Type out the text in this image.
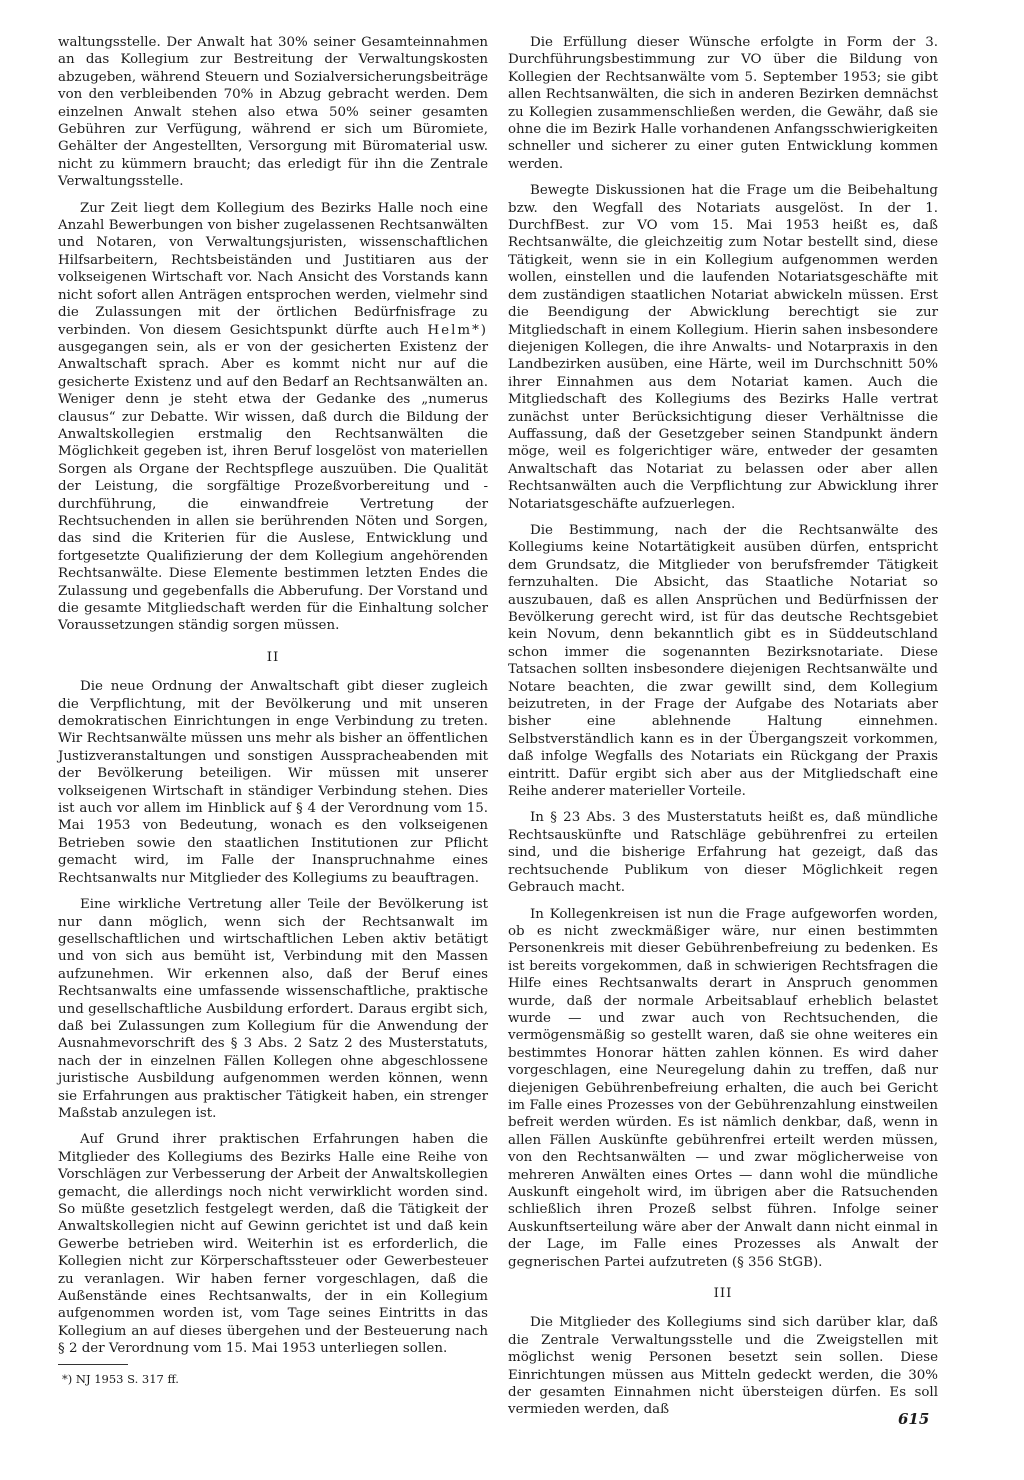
waltungsstelle. Der Anwalt hat 30% seiner Gesamteinnahmen an das Kollegium zur Bestreitung der Verwaltungskosten abzugeben, während Steuern und Sozialversicherungsbeiträge von den verbleibenden 70% in Abzug gebracht werden. Dem einzelnen Anwalt stehen also etwa 50% seiner gesamten Gebühren zur Verfügung, während er sich um Büromiete, Gehälter der Angestellten, Versorgung mit Büromaterial usw. nicht zu kümmern braucht; das erledigt für ihn die Zentrale Verwaltungsstelle.

Zur Zeit liegt dem Kollegium des Bezirks Halle noch eine Anzahl Bewerbungen von bisher zugelassenen Rechtsanwälten und Notaren, von Verwaltungsjuristen, wissenschaftlichen Hilfsarbeitern, Rechtsbeiständen und Justitiaren aus der volkseigenen Wirtschaft vor. Nach Ansicht des Vorstands kann nicht sofort allen Anträgen entsprochen werden, vielmehr sind die Zulassungen mit der örtlichen Bedürfnisfrage zu verbinden. Von diesem Gesichtspunkt dürfte auch Helm*) ausgegangen sein, als er von der gesicherten Existenz der Anwaltschaft sprach. Aber es kommt nicht nur auf die gesicherte Existenz und auf den Bedarf an Rechtsanwälten an. Weniger denn je steht etwa der Gedanke des „numerus clausus“ zur Debatte. Wir wissen, daß durch die Bildung der Anwaltskollegien erstmalig den Rechtsanwälten die Möglichkeit gegeben ist, ihren Beruf losgelöst von materiellen Sorgen als Organe der Rechtspflege auszuüben. Die Qualität der Leistung, die sorgfältige Prozeßvorbereitung und -durchführung, die einwandfreie Vertretung der Rechtsuchenden in allen sie berührenden Nöten und Sorgen, das sind die Kriterien für die Auslese, Entwicklung und fortgesetzte Qualifizierung der dem Kollegium angehörenden Rechtsanwälte. Diese Elemente bestimmen letzten Endes die Zulassung und gegebenfalls die Abberufung. Der Vorstand und die gesamte Mitgliedschaft werden für die Einhaltung solcher Voraussetzungen ständig sorgen müssen.

II

Die neue Ordnung der Anwaltschaft gibt dieser zugleich die Verpflichtung, mit der Bevölkerung und mit unseren demokratischen Einrichtungen in enge Verbindung zu treten. Wir Rechtsanwälte müssen uns mehr als bisher an öffentlichen Justizveranstaltungen und sonstigen Ausspracheabenden mit der Bevölkerung beteiligen. Wir müssen mit unserer volkseigenen Wirtschaft in ständiger Verbindung stehen. Dies ist auch vor allem im Hinblick auf § 4 der Verordnung vom 15. Mai 1953 von Bedeutung, wonach es den volkseigenen Betrieben sowie den staatlichen Institutionen zur Pflicht gemacht wird, im Falle der Inanspruchnahme eines Rechtsanwalts nur Mitglieder des Kollegiums zu beauftragen.

Eine wirkliche Vertretung aller Teile der Bevölkerung ist nur dann möglich, wenn sich der Rechtsanwalt im gesellschaftlichen und wirtschaftlichen Leben aktiv betätigt und von sich aus bemüht ist, Verbindung mit den Massen aufzunehmen. Wir erkennen also, daß der Beruf eines Rechtsanwalts eine umfassende wissenschaftliche, praktische und gesellschaftliche Ausbildung erfordert. Daraus ergibt sich, daß bei Zulassungen zum Kollegium für die Anwendung der Ausnahmevorschrift des § 3 Abs. 2 Satz 2 des Musterstatuts, nach der in einzelnen Fällen Kollegen ohne abgeschlossene juristische Ausbildung aufgenommen werden können, wenn sie Erfahrungen aus praktischer Tätigkeit haben, ein strenger Maßstab anzulegen ist.

Auf Grund ihrer praktischen Erfahrungen haben die Mitglieder des Kollegiums des Bezirks Halle eine Reihe von Vorschlägen zur Verbesserung der Arbeit der Anwaltskollegien gemacht, die allerdings noch nicht verwirklicht worden sind. So müßte gesetzlich festgelegt werden, daß die Tätigkeit der Anwaltskollegien nicht auf Gewinn gerichtet ist und daß kein Gewerbe betrieben wird. Weiterhin ist es erforderlich, die Kollegien nicht zur Körperschaftssteuer oder Gewerbesteuer zu veranlagen. Wir haben ferner vorgeschlagen, daß die Außenstände eines Rechtsanwalts, der in ein Kollegium aufgenommen worden ist, vom Tage seines Eintritts in das Kollegium an auf dieses übergehen und der Besteuerung nach § 2 der Verordnung vom 15. Mai 1953 unterliegen sollen.

Die Erfüllung dieser Wünsche erfolgte in Form der 3. Durchführungsbestimmung zur VO über die Bildung von Kollegien der Rechtsanwälte vom 5. September 1953; sie gibt allen Rechtsanwälten, die sich in anderen Bezirken demnächst zu Kollegien zusammenschließen werden, die Gewähr, daß sie ohne die im Bezirk Halle vorhandenen Anfangsschwierigkeiten schneller und sicherer zu einer guten Entwicklung kommen werden.

Bewegte Diskussionen hat die Frage um die Beibehaltung bzw. den Wegfall des Notariats ausgelöst. In der 1. DurchfBest. zur VO vom 15. Mai 1953 heißt es, daß Rechtsanwälte, die gleichzeitig zum Notar bestellt sind, diese Tätigkeit, wenn sie in ein Kollegium aufgenommen werden wollen, einstellen und die laufenden Notariatsgeschäfte mit dem zuständigen staatlichen Notariat abwickeln müssen. Erst die Beendigung der Abwicklung berechtigt sie zur Mitgliedschaft in einem Kollegium. Hierin sahen insbesondere diejenigen Kollegen, die ihre Anwalts- und Notarpraxis in den Landbezirken ausüben, eine Härte, weil im Durchschnitt 50% ihrer Einnahmen aus dem Notariat kamen. Auch die Mitgliedschaft des Kollegiums des Bezirks Halle vertrat zunächst unter Berücksichtigung dieser Verhältnisse die Auffassung, daß der Gesetzgeber seinen Standpunkt ändern möge, weil es folgerichtiger wäre, entweder der gesamten Anwaltschaft das Notariat zu belassen oder aber allen Rechtsanwälten auch die Verpflichtung zur Abwicklung ihrer Notariatsgeschäfte aufzuerlegen.

Die Bestimmung, nach der die Rechtsanwälte des Kollegiums keine Notartätigkeit ausüben dürfen, entspricht dem Grundsatz, die Mitglieder von berufsfremder Tätigkeit fernzuhalten. Die Absicht, das Staatliche Notariat so auszubauen, daß es allen Ansprüchen und Bedürfnissen der Bevölkerung gerecht wird, ist für das deutsche Rechtsgebiet kein Novum, denn bekanntlich gibt es in Süddeutschland schon immer die sogenannten Bezirksnotariate. Diese Tatsachen sollten insbesondere diejenigen Rechtsanwälte und Notare beachten, die zwar gewillt sind, dem Kollegium beizutreten, in der Frage der Aufgabe des Notariats aber bisher eine ablehnende Haltung einnehmen. Selbstverständlich kann es in der Übergangszeit vorkommen, daß infolge Wegfalls des Notariats ein Rückgang der Praxis eintritt. Dafür ergibt sich aber aus der Mitgliedschaft eine Reihe anderer materieller Vorteile.

In § 23 Abs. 3 des Musterstatuts heißt es, daß mündliche Rechtsauskünfte und Ratschläge gebührenfrei zu erteilen sind, und die bisherige Erfahrung hat gezeigt, daß das rechtsuchende Publikum von dieser Möglichkeit regen Gebrauch macht.

In Kollegenkreisen ist nun die Frage aufgeworfen worden, ob es nicht zweckmäßiger wäre, nur einen bestimmten Personenkreis mit dieser Gebührenbefreiung zu bedenken. Es ist bereits vorgekommen, daß in schwierigen Rechtsfragen die Hilfe eines Rechtsanwalts derart in Anspruch genommen wurde, daß der normale Arbeitsablauf erheblich belastet wurde — und zwar auch von Rechtsuchenden, die vermögensmäßig so gestellt waren, daß sie ohne weiteres ein bestimmtes Honorar hätten zahlen können. Es wird daher vorgeschlagen, eine Neuregelung dahin zu treffen, daß nur diejenigen Gebührenbefreiung erhalten, die auch bei Gericht im Falle eines Prozesses von der Gebührenzahlung einstweilen befreit werden würden. Es ist nämlich denkbar, daß, wenn in allen Fällen Auskünfte gebührenfrei erteilt werden müssen, von den Rechtsanwälten — und zwar möglicherweise von mehreren Anwälten eines Ortes — dann wohl die mündliche Auskunft eingeholt wird, im übrigen aber die Ratsuchenden schließlich ihren Prozeß selbst führen. Infolge seiner Auskunftserteilung wäre aber der Anwalt dann nicht einmal in der Lage, im Falle eines Prozesses als Anwalt der gegnerischen Partei aufzutreten (§ 356 StGB).

III

Die Mitglieder des Kollegiums sind sich darüber klar, daß die Zentrale Verwaltungsstelle und die Zweigstellen mit möglichst wenig Personen besetzt sein sollen. Diese Einrichtungen müssen aus Mitteln gedeckt werden, die 30% der gesamten Einnahmen nicht übersteigen dürfen. Es soll vermieden werden, daß

*) NJ 1953 S. 317 ff.
615
